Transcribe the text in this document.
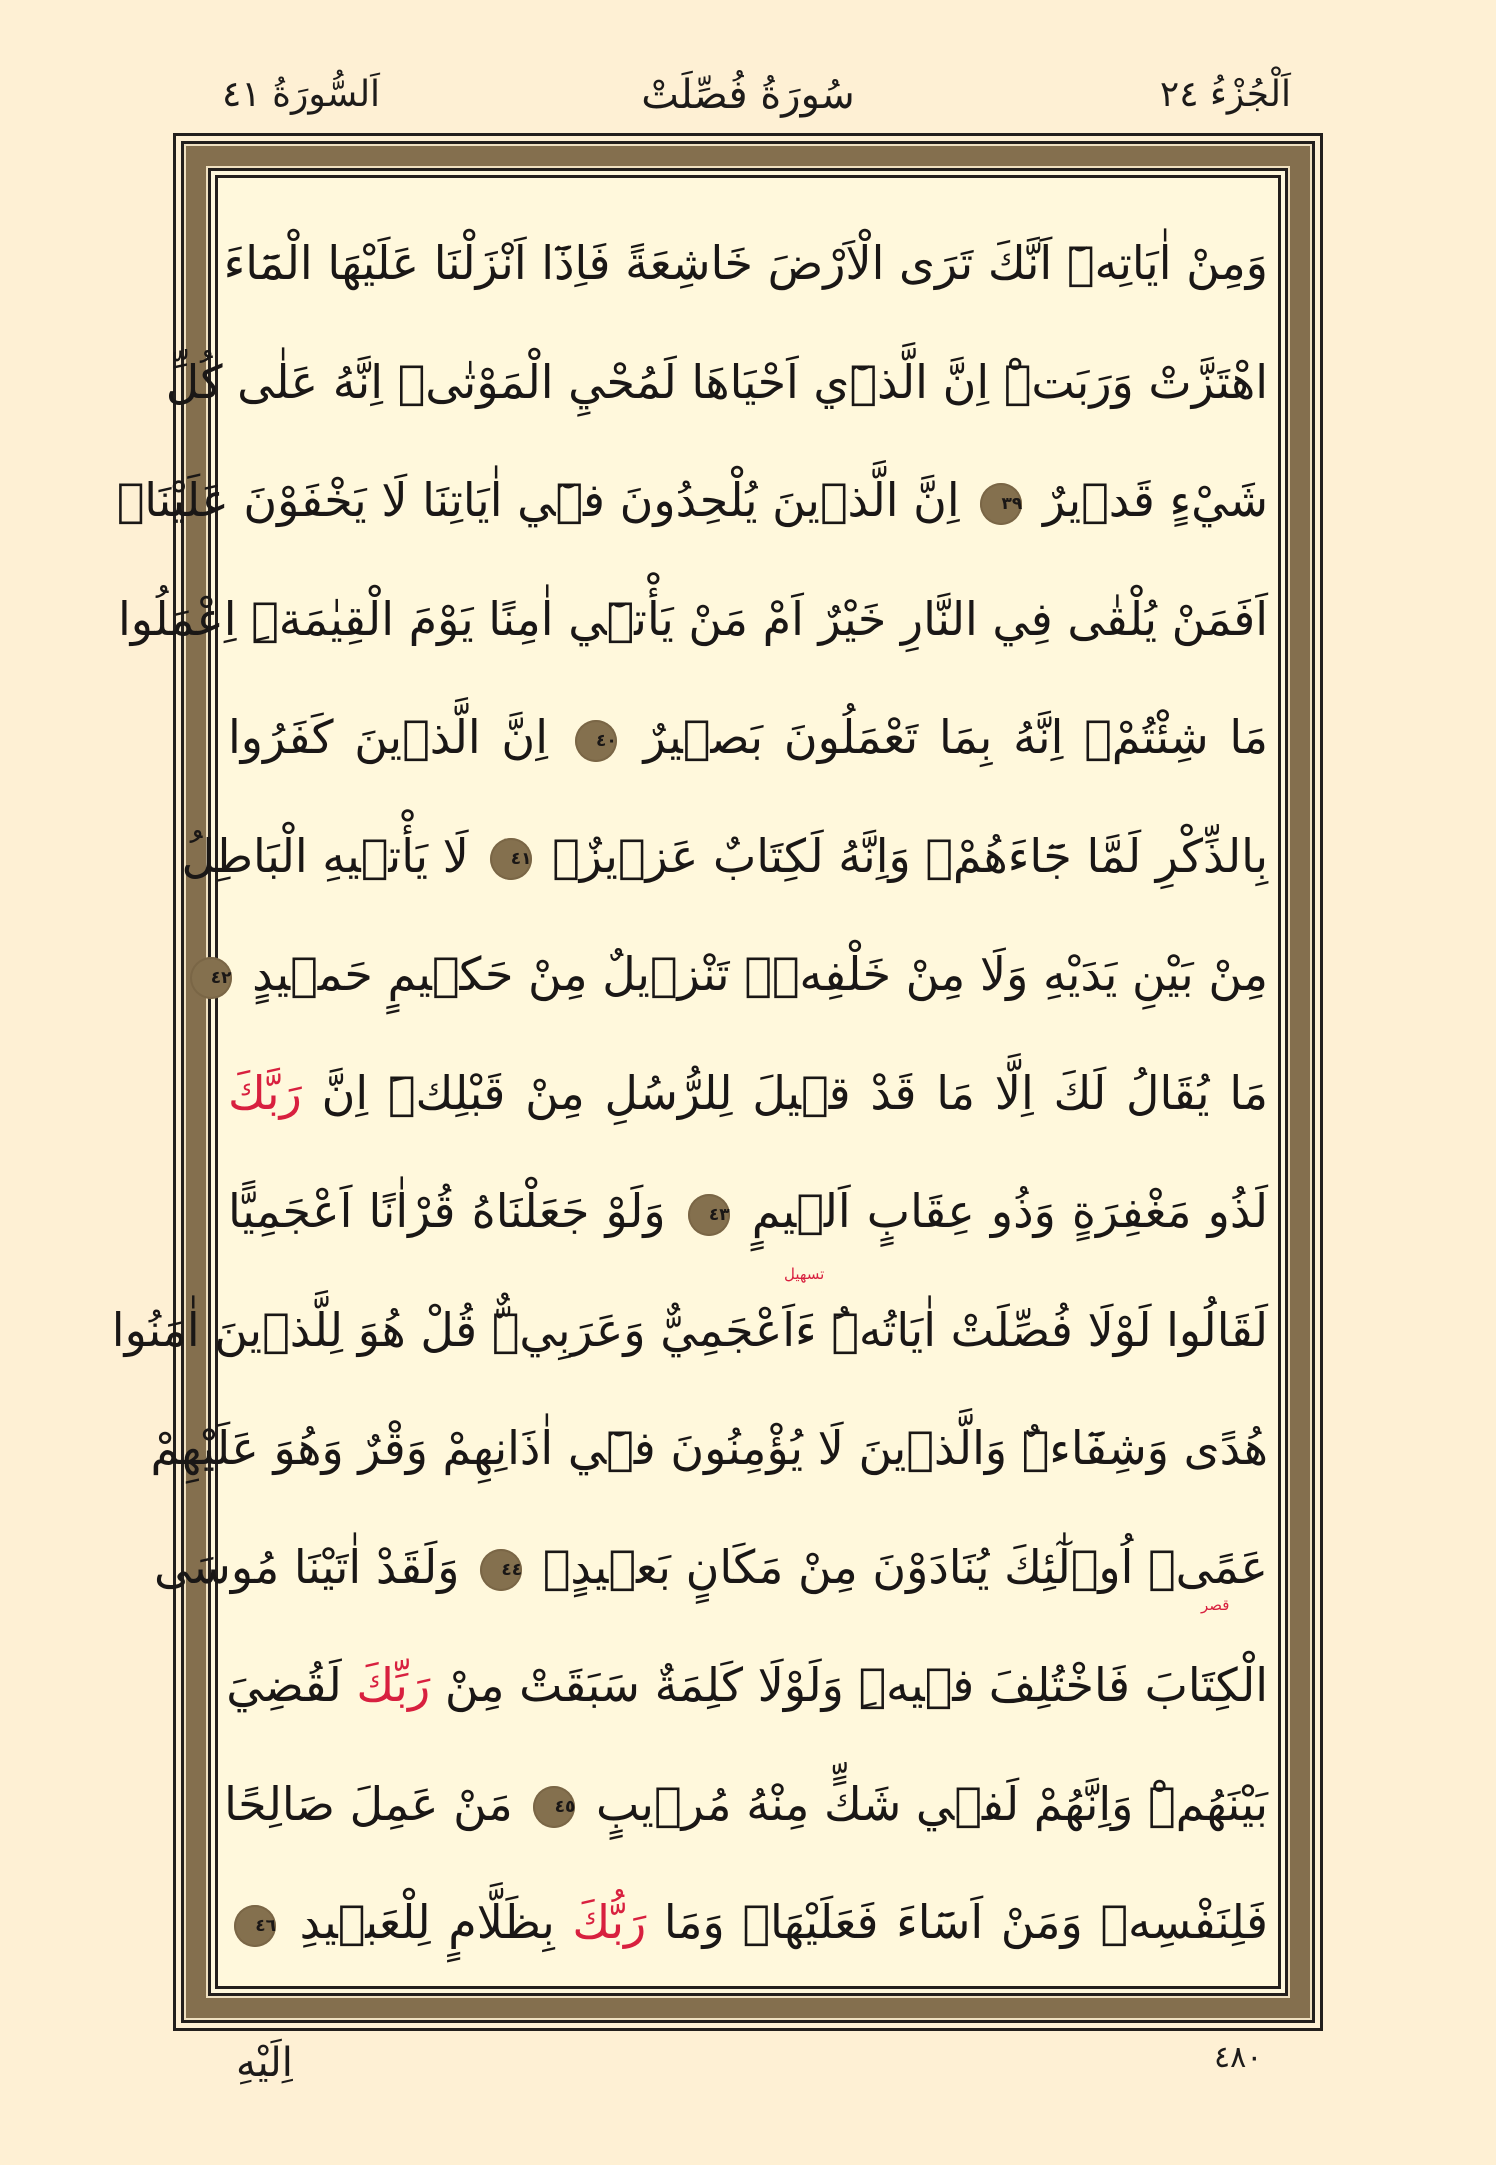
اَلسُّورَةُ ٤١	سُورَةُ فُصِّلَتْ	اَلْجُزْءُ ٢٤
وَمِنْ اٰيَاتِه۪ٓ اَنَّكَ تَرَى الْاَرْضَ خَاشِعَةً فَاِذَٓا اَنْزَلْنَا عَلَيْهَا الْمَٓاءَ
اهْتَزَّتْ وَرَبَتْۜ اِنَّ الَّذ۪ٓي اَحْيَاهَا لَمُحْيِ الْمَوْتٰىۜ اِنَّهُ عَلٰى كُلِّ
شَيْءٍ قَد۪يرٌ ٣٩ اِنَّ الَّذ۪ينَ يُلْحِدُونَ ف۪ٓي اٰيَاتِنَا لَا يَخْفَوْنَ عَلَيْنَاۜ
اَفَمَنْ يُلْقٰى فِي النَّارِ خَيْرٌ اَمْ مَنْ يَأْت۪ٓي اٰمِنًا يَوْمَ الْقِيٰمَةِۜ اِعْمَلُوا
مَا شِئْتُمْۙ اِنَّهُ بِمَا تَعْمَلُونَ بَص۪يرٌ ٤٠ اِنَّ الَّذ۪ينَ كَفَرُوا
بِالذِّكْرِ لَمَّا جَٓاءَهُمْۚ وَاِنَّهُ لَكِتَابٌ عَز۪يزٌۙ ٤١ لَا يَأْت۪يهِ الْبَاطِلُ
مِنْ بَيْنِ يَدَيْهِ وَلَا مِنْ خَلْفِه۪ۜ تَنْز۪يلٌ مِنْ حَك۪يمٍ حَم۪يدٍ ٤٢
مَا يُقَالُ لَكَ اِلَّا مَا قَدْ ق۪يلَ لِلرُّسُلِ مِنْ قَبْلِكَۜ اِنَّ رَبَّكَ
لَذُو مَغْفِرَةٍ وَذُو عِقَابٍ اَل۪يمٍ ٤٣ وَلَوْ جَعَلْنَاهُ قُرْاٰنًا اَعْجَمِيًّا
لَقَالُوا لَوْلَا فُصِّلَتْ اٰيَاتُهُۜ ءَاَعْجَمِيٌّ وَعَرَبِيٌّۜ قُلْ هُوَ لِلَّذ۪ينَ اٰمَنُوا
هُدًى وَشِفَٓاءٌۜ وَالَّذ۪ينَ لَا يُؤْمِنُونَ ف۪ٓي اٰذَانِهِمْ وَقْرٌ وَهُوَ عَلَيْهِمْ
عَمًىۜ اُو۬لٰٓئِكَ يُنَادَوْنَ مِنْ مَكَانٍ بَع۪يدٍ۟ ٤٤ وَلَقَدْ اٰتَيْنَا مُوسَى
الْكِتَابَ فَاخْتُلِفَ ف۪يهِۜ وَلَوْلَا كَلِمَةٌ سَبَقَتْ مِنْ رَبِّكَ لَقُضِيَ
بَيْنَهُمْۜ وَاِنَّهُمْ لَف۪ي شَكٍّ مِنْهُ مُر۪يبٍ ٤٥ مَنْ عَمِلَ صَالِحًا
فَلِنَفْسِه۪ وَمَنْ اَسَٓاءَ فَعَلَيْهَاۜ وَمَا رَبُّكَ بِظَلَّامٍ لِلْعَب۪يدِ ٤٦
تسهيل
قصر
اِلَيْهِ	٤٨٠
